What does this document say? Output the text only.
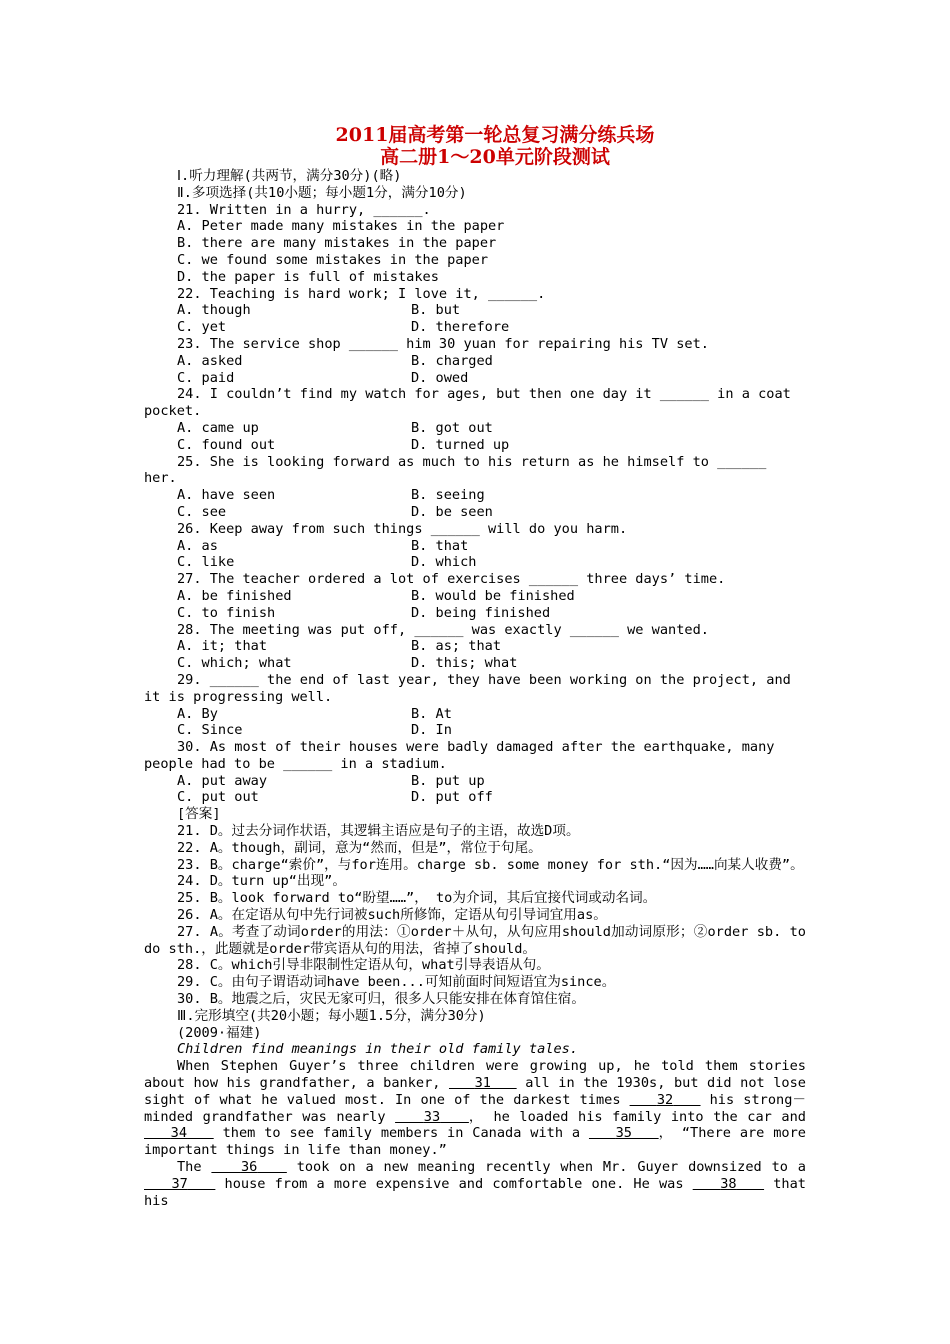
2011届高考第一轮总复习满分练兵场

高二册1～20单元阶段测试

Ⅰ.听力理解(共两节，满分30分)(略)

Ⅱ.多项选择(共10小题；每小题1分，满分10分)

21. Written in a hurry, ______.

A. Peter made many mistakes in the paper

B. there are many mistakes in the paper

C. we found some mistakes in the paper

D. the paper is full of mistakes

22. Teaching is hard work; I love it, ______.

A. though	B. but
C. yet	D. therefore

23. The service shop ______ him 30 yuan for repairing his TV set.

A. asked	B. charged
C. paid	D. owed

24. I couldn’t find my watch for ages, but then one day it ______ in a coat pocket.

A. came up	B. got out
C. found out	D. turned up

25. She is looking forward as much to his return as he himself to ______ her.

A. have seen	B. seeing
C. see	D. be seen

26. Keep away from such things ______ will do you harm.

A. as	B. that
C. like	D. which

27. The teacher ordered a lot of exercises ______ three days’ time.

A. be finished	B. would be finished
C. to finish	D. being finished

28. The meeting was put off, ______ was exactly ______ we wanted.

A. it; that	B. as; that
C. which; what	D. this; what

29. ______ the end of last year, they have been working on the project, and it is progressing well.

A. By	B. At
C. Since	D. In

30. As most of their houses were badly damaged after the earthquake, many people had to be ______ in a stadium.

A. put away	B. put up
C. put out	D. put off

[答案]

21. D。过去分词作状语，其逻辑主语应是句子的主语，故选D项。

22. A。though，副词，意为“然而，但是”，常位于句尾。

23. B。charge“索价”，与for连用。charge sb. some money for sth.“因为……向某人收费”。

24. D。turn up“出现”。

25. B。look forward to“盼望……”， to为介词，其后宜接代词或动名词。

26. A。在定语从句中先行词被such所修饰，定语从句引导词宜用as。

27. A。考查了动词order的用法：①order＋从句，从句应用should加动词原形；②order sb. to do sth.，此题就是order带宾语从句的用法，省掉了should。

28. C。which引导非限制性定语从句，what引导表语从句。

29. C。由句子谓语动词have been...可知前面时间短语宜为since。

30. B。地震之后，灾民无家可归，很多人只能安排在体育馆住宿。

Ⅲ.完形填空(共20小题；每小题1.5分，满分30分)

(2009·福建)

Children find meanings in their old family tales.

When Stephen Guyer’s three children were growing up, he told them stories about how his grandfather, a banker,    31	all in the 1930s, but did not lose sight of what he valued most. In one of the darkest times    32	his strong－minded grandfather was nearly    33 ， he loaded his family into the car and    34	them to see family members in Canada with a    35 ， “There are more important things in life than money.”

The    36	took on a new meaning recently when Mr. Guyer downsized to a    37	house from a more expensive and comfortable one. He was    38	that his
